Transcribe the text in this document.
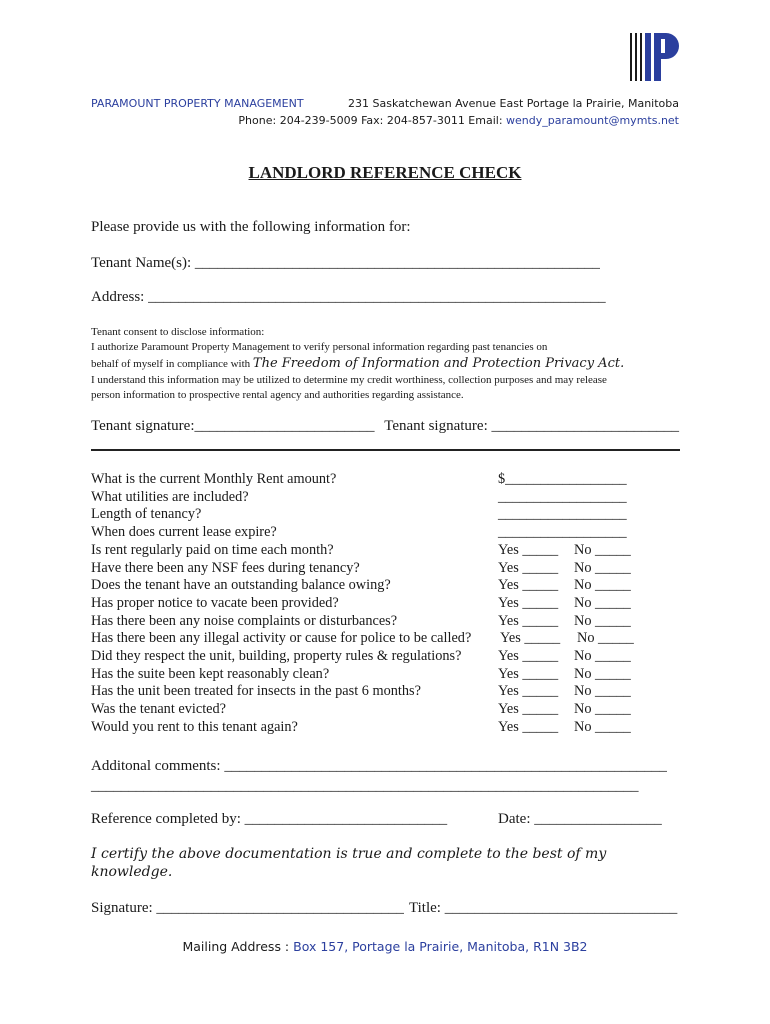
PARAMOUNT PROPERTY MANAGEMENT	231 Saskatchewan Avenue East Portage la Prairie, Manitoba
Phone: 204-239-5009 Fax: 204-857-3011 Email: wendy_paramount@mymts.net
LANDLORD REFERENCE CHECK
Please provide us with the following information for:
Tenant Name(s): ______________________________________________________
Address: _____________________________________________________________
Tenant consent to disclose information:
I authorize Paramount Property Management to verify personal information regarding past tenancies on
behalf of myself in compliance with The Freedom of Information and Protection Privacy Act.
I understand this information may be utilized to determine my credit worthiness, collection purposes and may release
person information to prospective rental agency and authorities regarding assistance.
Tenant signature:________________________ Tenant signature: _________________________
What is the current Monthly Rent amount?	$_________________
What utilities are included?	__________________
Length of tenancy?	__________________
When does current lease expire?	__________________
Is rent regularly paid on time each month?	Yes _____ No _____
Have there been any NSF fees during tenancy?	Yes _____ No _____
Does the tenant have an outstanding balance owing?	Yes _____ No _____
Has proper notice to vacate been provided?	Yes _____ No _____
Has there been any noise complaints or disturbances?	Yes _____ No _____
Has there been any illegal activity or cause for police to be called? Yes _____ No _____
Did they respect the unit, building, property rules & regulations?	Yes _____ No _____
Has the suite been kept reasonably clean?	Yes _____ No _____
Has the unit been treated for insects in the past 6 months?	Yes _____ No _____
Was the tenant evicted?	Yes _____ No _____
Would you rent to this tenant again?	Yes _____ No _____
Additonal comments: ___________________________________________________________
_________________________________________________________________________
Reference completed by: ___________________________	Date: _________________
I certify the above documentation is true and complete to the best of my
knowledge.
Signature: _________________________________ Title: _______________________________
Mailing Address : Box 157, Portage la Prairie, Manitoba, R1N 3B2
